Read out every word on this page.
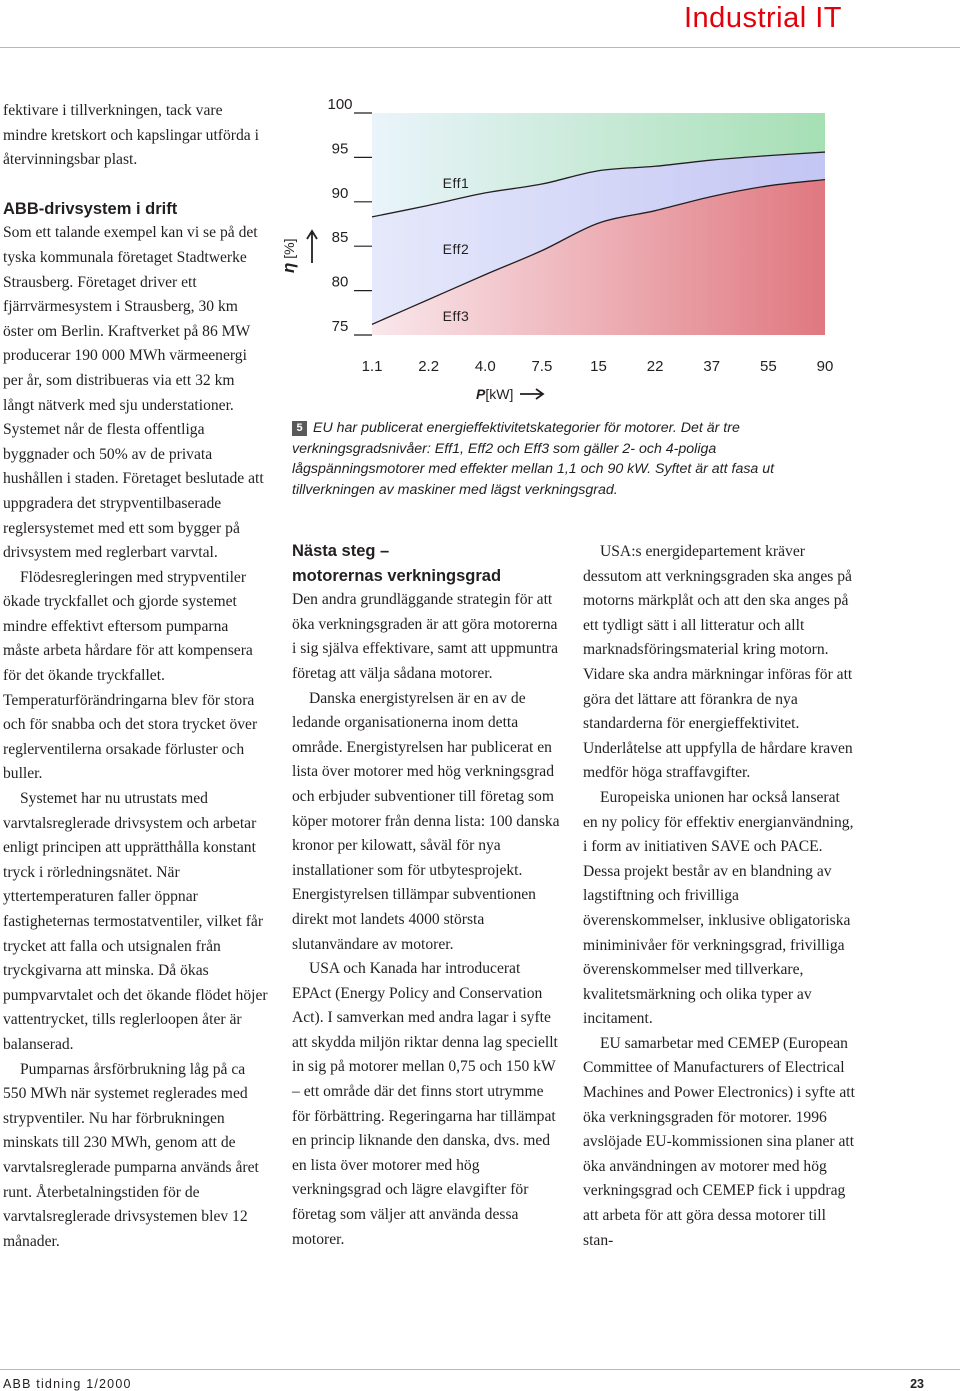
Industrial IT

fektivare i tillverkningen, tack vare mindre kretskort och kapslingar utförda i återvinningsbar plast.

ABB-drivsystem i drift

Som ett talande exempel kan vi se på det tyska kommunala företaget Stadtwerke Strausberg. Företaget driver ett fjärrvärmesystem i Strausberg, 30 km öster om Berlin. Kraftverket på 86 MW producerar 190 000 MWh värmeenergi per år, som distribueras via ett 32 km långt nätverk med sju understationer. Systemet når de flesta offentliga byggnader och 50% av de privata hushållen i staden. Företaget beslutade att uppgradera det strypventilbaserade reglersystemet med ett som bygger på drivsystem med reglerbart varvtal.

Flödesregleringen med strypventiler ökade tryckfallet och gjorde systemet mindre effektivt eftersom pumparna måste arbeta hårdare för att kompensera för det ökande tryckfallet. Temperaturförändringarna blev för stora och för snabba och det stora trycket över reglerventilerna orsakade förluster och buller.

Systemet har nu utrustats med varvtalsreglerade drivsystem och arbetar enligt principen att upprätthålla konstant tryck i rörledningsnätet. När yttertemperaturen faller öppnar fastigheternas termostatventiler, vilket får trycket att falla och utsignalen från tryckgivarna att minska. Då ökas pumpvarvtalet och det ökande flödet höjer vattentrycket, tills reglerloopen åter är balanserad.

Pumparnas årsförbrukning låg på ca 550 MWh när systemet reglerades med strypventiler. Nu har förbrukningen minskats till 230 MWh, genom att de varvtalsreglerade pumparna används året runt. Återbetalningstiden för de varvtalsreglerade drivsystemen blev 12 månader.

100
95
90
85
80
75
1.1 2.2 4.0 7.5	15	22	37	55	90
η [%]
P[kW]
Eff1
Eff2
Eff3
5 EU har publicerat energieffektivitetskategorier för motorer. Det är tre verkningsgradsnivåer: Eff1, Eff2 och Eff3 som gäller 2- och 4-poliga lågspänningsmotorer med effekter mellan 1,1 och 90 kW. Syftet är att fasa ut tillverkningen av maskiner med lägst verkningsgrad.
Nästa steg –
motorernas verkningsgrad

Den andra grundläggande strategin för att öka verkningsgraden är att göra motorerna i sig själva effektivare, samt att uppmuntra företag att välja sådana motorer.

Danska energistyrelsen är en av de ledande organisationerna inom detta område. Energistyrelsen har publicerat en lista över motorer med hög verkningsgrad och erbjuder subventioner till företag som köper motorer från denna lista: 100 danska kronor per kilowatt, såväl för nya installationer som för utbytesprojekt. Energistyrelsen tillämpar subventionen direkt mot landets 4000 största slutanvändare av motorer.

USA och Kanada har introducerat EPAct (Energy Policy and Conservation Act). I samverkan med andra lagar i syfte att skydda miljön riktar denna lag speciellt in sig på motorer mellan 0,75 och 150 kW – ett område där det finns stort utrymme för förbättring. Regeringarna har tillämpat en princip liknande den danska, dvs. med en lista över motorer med hög verkningsgrad och lägre elavgifter för företag som väljer att använda dessa motorer.

USA:s energidepartement kräver dessutom att verkningsgraden ska anges på motorns märkplåt och att den ska anges på ett tydligt sätt i all litteratur och allt marknadsföringsmaterial kring motorn. Vidare ska andra märkningar införas för att göra det lättare att förankra de nya standarderna för energieffektivitet. Underlåtelse att uppfylla de hårdare kraven medför höga straffavgifter.

Europeiska unionen har också lanserat en ny policy för effektiv energianvändning, i form av initiativen SAVE och PACE. Dessa projekt består av en blandning av lagstiftning och frivilliga överenskommelser, inklusive obligatoriska miniminivåer för verkningsgrad, frivilliga överenskommelser med tillverkare, kvalitetsmärkning och olika typer av incitament.

EU samarbetar med CEMEP (European Committee of Manufacturers of Electrical Machines and Power Electronics) i syfte att öka verkningsgraden för motorer. 1996 avslöjade EU-kommissionen sina planer att öka användningen av motorer med hög verkningsgrad och CEMEP fick i uppdrag att arbeta för att göra dessa motorer till stan-

ABB tidning 1/2000	23
